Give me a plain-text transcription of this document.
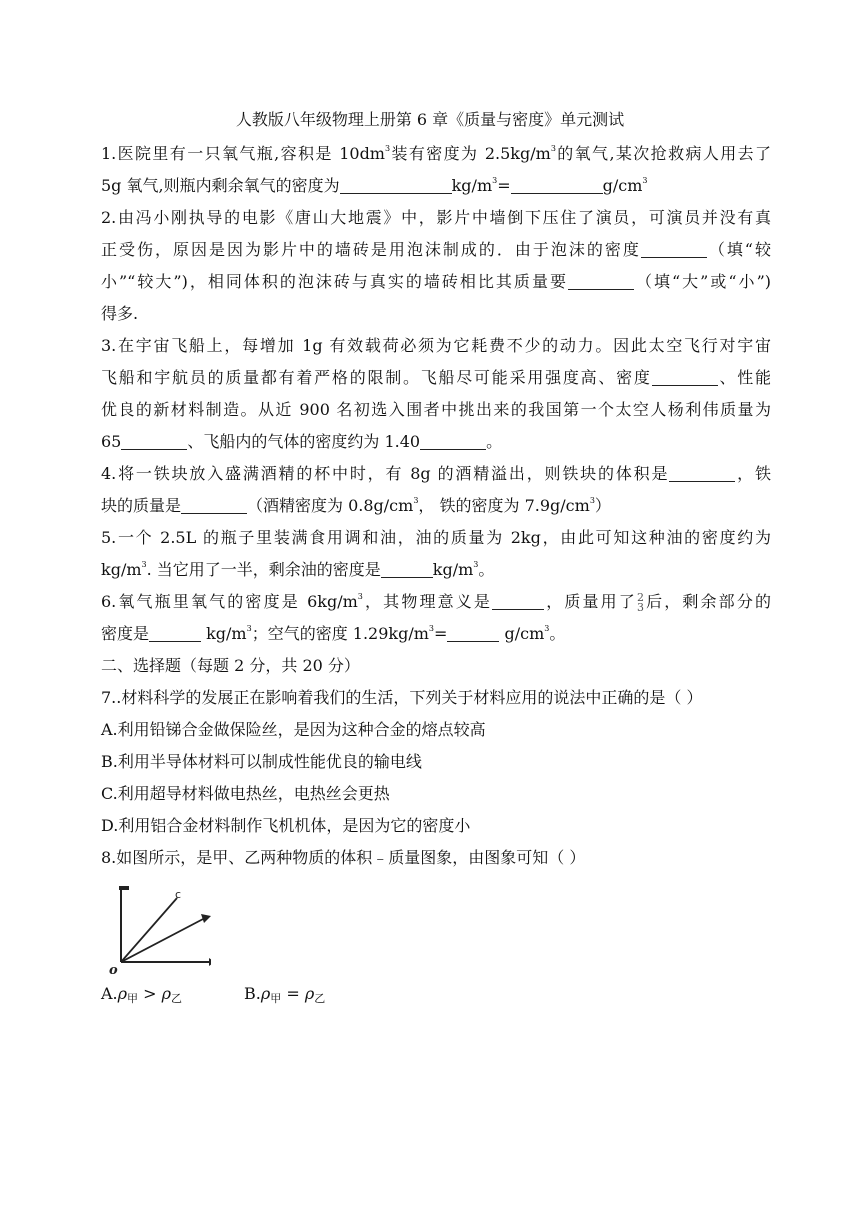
人教版八年级物理上册第 6 章《质量与密度》单元测试
1.医院里有一只氧气瓶,容积是 $10dm^3$装有密度为 $2.5kg/m^3$的氧气,某次抢救病人用去了
5g 氧气,则瓶内剩余氧气的密度为	$kg/m^3=$	$g/cm^3$
2.由冯小刚执导的电影《唐山大地震》中，影片中墙倒下压住了演员，可演员并没有真
正受伤，原因是因为影片中的墙砖是用泡沫制成的．由于泡沫的密度	（填“较
小”“较大”)，相同体积的泡沫砖与真实的墙砖相比其质量要	（填“大”或“小”)
得多.
3.在宇宙飞船上，每增加 1g 有效载荷必须为它耗费不少的动力。因此太空飞行对宇宙
飞船和宇航员的质量都有着严格的限制。飞船尽可能采用强度高、密度	、性能
优良的新材料制造。从近 900 名初选入围者中挑出来的我国第一个太空人杨利伟质量为
65	、飞船内的气体的密度约为 1.40	。
4.将一铁块放入盛满酒精的杯中时，有 8g 的酒精溢出，则铁块的体积是	，铁
块的质量是	（酒精密度为 $0.8g/cm^3$， 铁的密度为 $7.9g/cm^3$）
5.一个 2.5L 的瓶子里装满食用调和油，油的质量为 2kg，由此可知这种油的密度约为
$kg/m^3$. 当它用了一半，剩余油的密度是	$kg/m^3$。
6.氧气瓶里氧气的密度是 $6kg/m^3$，其物理意义是	，质量用了2
3后，剩余部分的
密度是	$kg/m^3$；空气的密度 $1.29kg/m^3=$	$g/cm^3$。
二、选择题（每题 2 分，共 20 分）
7..材料科学的发展正在影响着我们的生活，下列关于材料应用的说法中正确的是（ ）
A.利用铅锑合金做保险丝，是因为这种合金的熔点较高
B.利用半导体材料可以制成性能优良的输电线
C.利用超导材料做电热丝，电热丝会更热
D.利用铝合金材料制作飞机机体，是因为它的密度小
8.如图所示，是甲、乙两种物质的体积﹣质量图象，由图象可知（ ）
c
o
$A.\rho_甲 > \rho_乙$	$B.\rho_甲 = \rho_乙$
